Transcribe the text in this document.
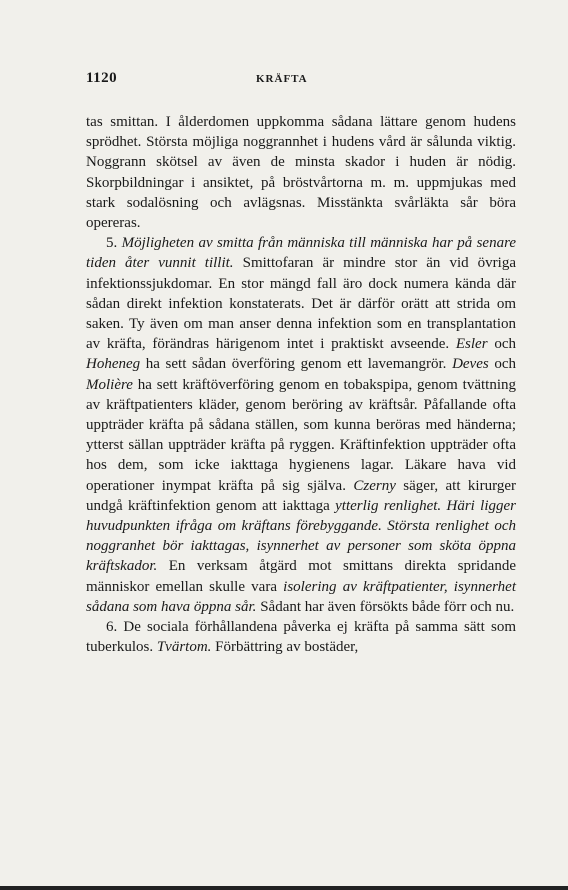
1120	KRÄFTA

tas smittan. I ålderdomen uppkomma sådana lättare genom hudens sprödhet. Största möjliga noggrannhet i hudens vård är sålunda viktig. Noggrann skötsel av även de minsta skador i huden är nödig. Skorpbildningar i ansiktet, på bröstvårtorna m. m. uppmjukas med stark sodalösning och avlägsnas. Misstänkta svårläkta sår böra opereras.

5. Möjligheten av smitta från människa till människa har på senare tiden åter vunnit tillit. Smittofaran är mindre stor än vid övriga infektionssjukdomar. En stor mängd fall äro dock numera kända där sådan direkt infektion konstaterats. Det är därför orätt att strida om saken. Ty även om man anser denna infektion som en transplantation av kräfta, förändras härigenom intet i praktiskt avseende. Esler och Hoheneg ha sett sådan överföring genom ett lavemangrör. Deves och Molière ha sett kräftöverföring genom en tobakspipa, genom tvättning av kräftpatienters kläder, genom beröring av kräftsår. Påfallande ofta uppträder kräfta på sådana ställen, som kunna beröras med händerna; ytterst sällan uppträder kräfta på ryggen. Kräftinfektion uppträder ofta hos dem, som icke iakttaga hygienens lagar. Läkare hava vid operationer inympat kräfta på sig själva. Czerny säger, att kirurger undgå kräftinfektion genom att iakttaga ytterlig renlighet. Häri ligger huvudpunkten ifråga om kräftans förebyggande. Största renlighet och noggranhet bör iakttagas, isynnerhet av personer som sköta öppna kräftskador. En verksam åtgärd mot smittans direkta spridande människor emellan skulle vara isolering av kräftpatienter, isynnerhet sådana som hava öppna sår. Sådant har även försökts både förr och nu.

6. De sociala förhållandena påverka ej kräfta på samma sätt som tuberkulos. Tvärtom. Förbättring av bostäder,
